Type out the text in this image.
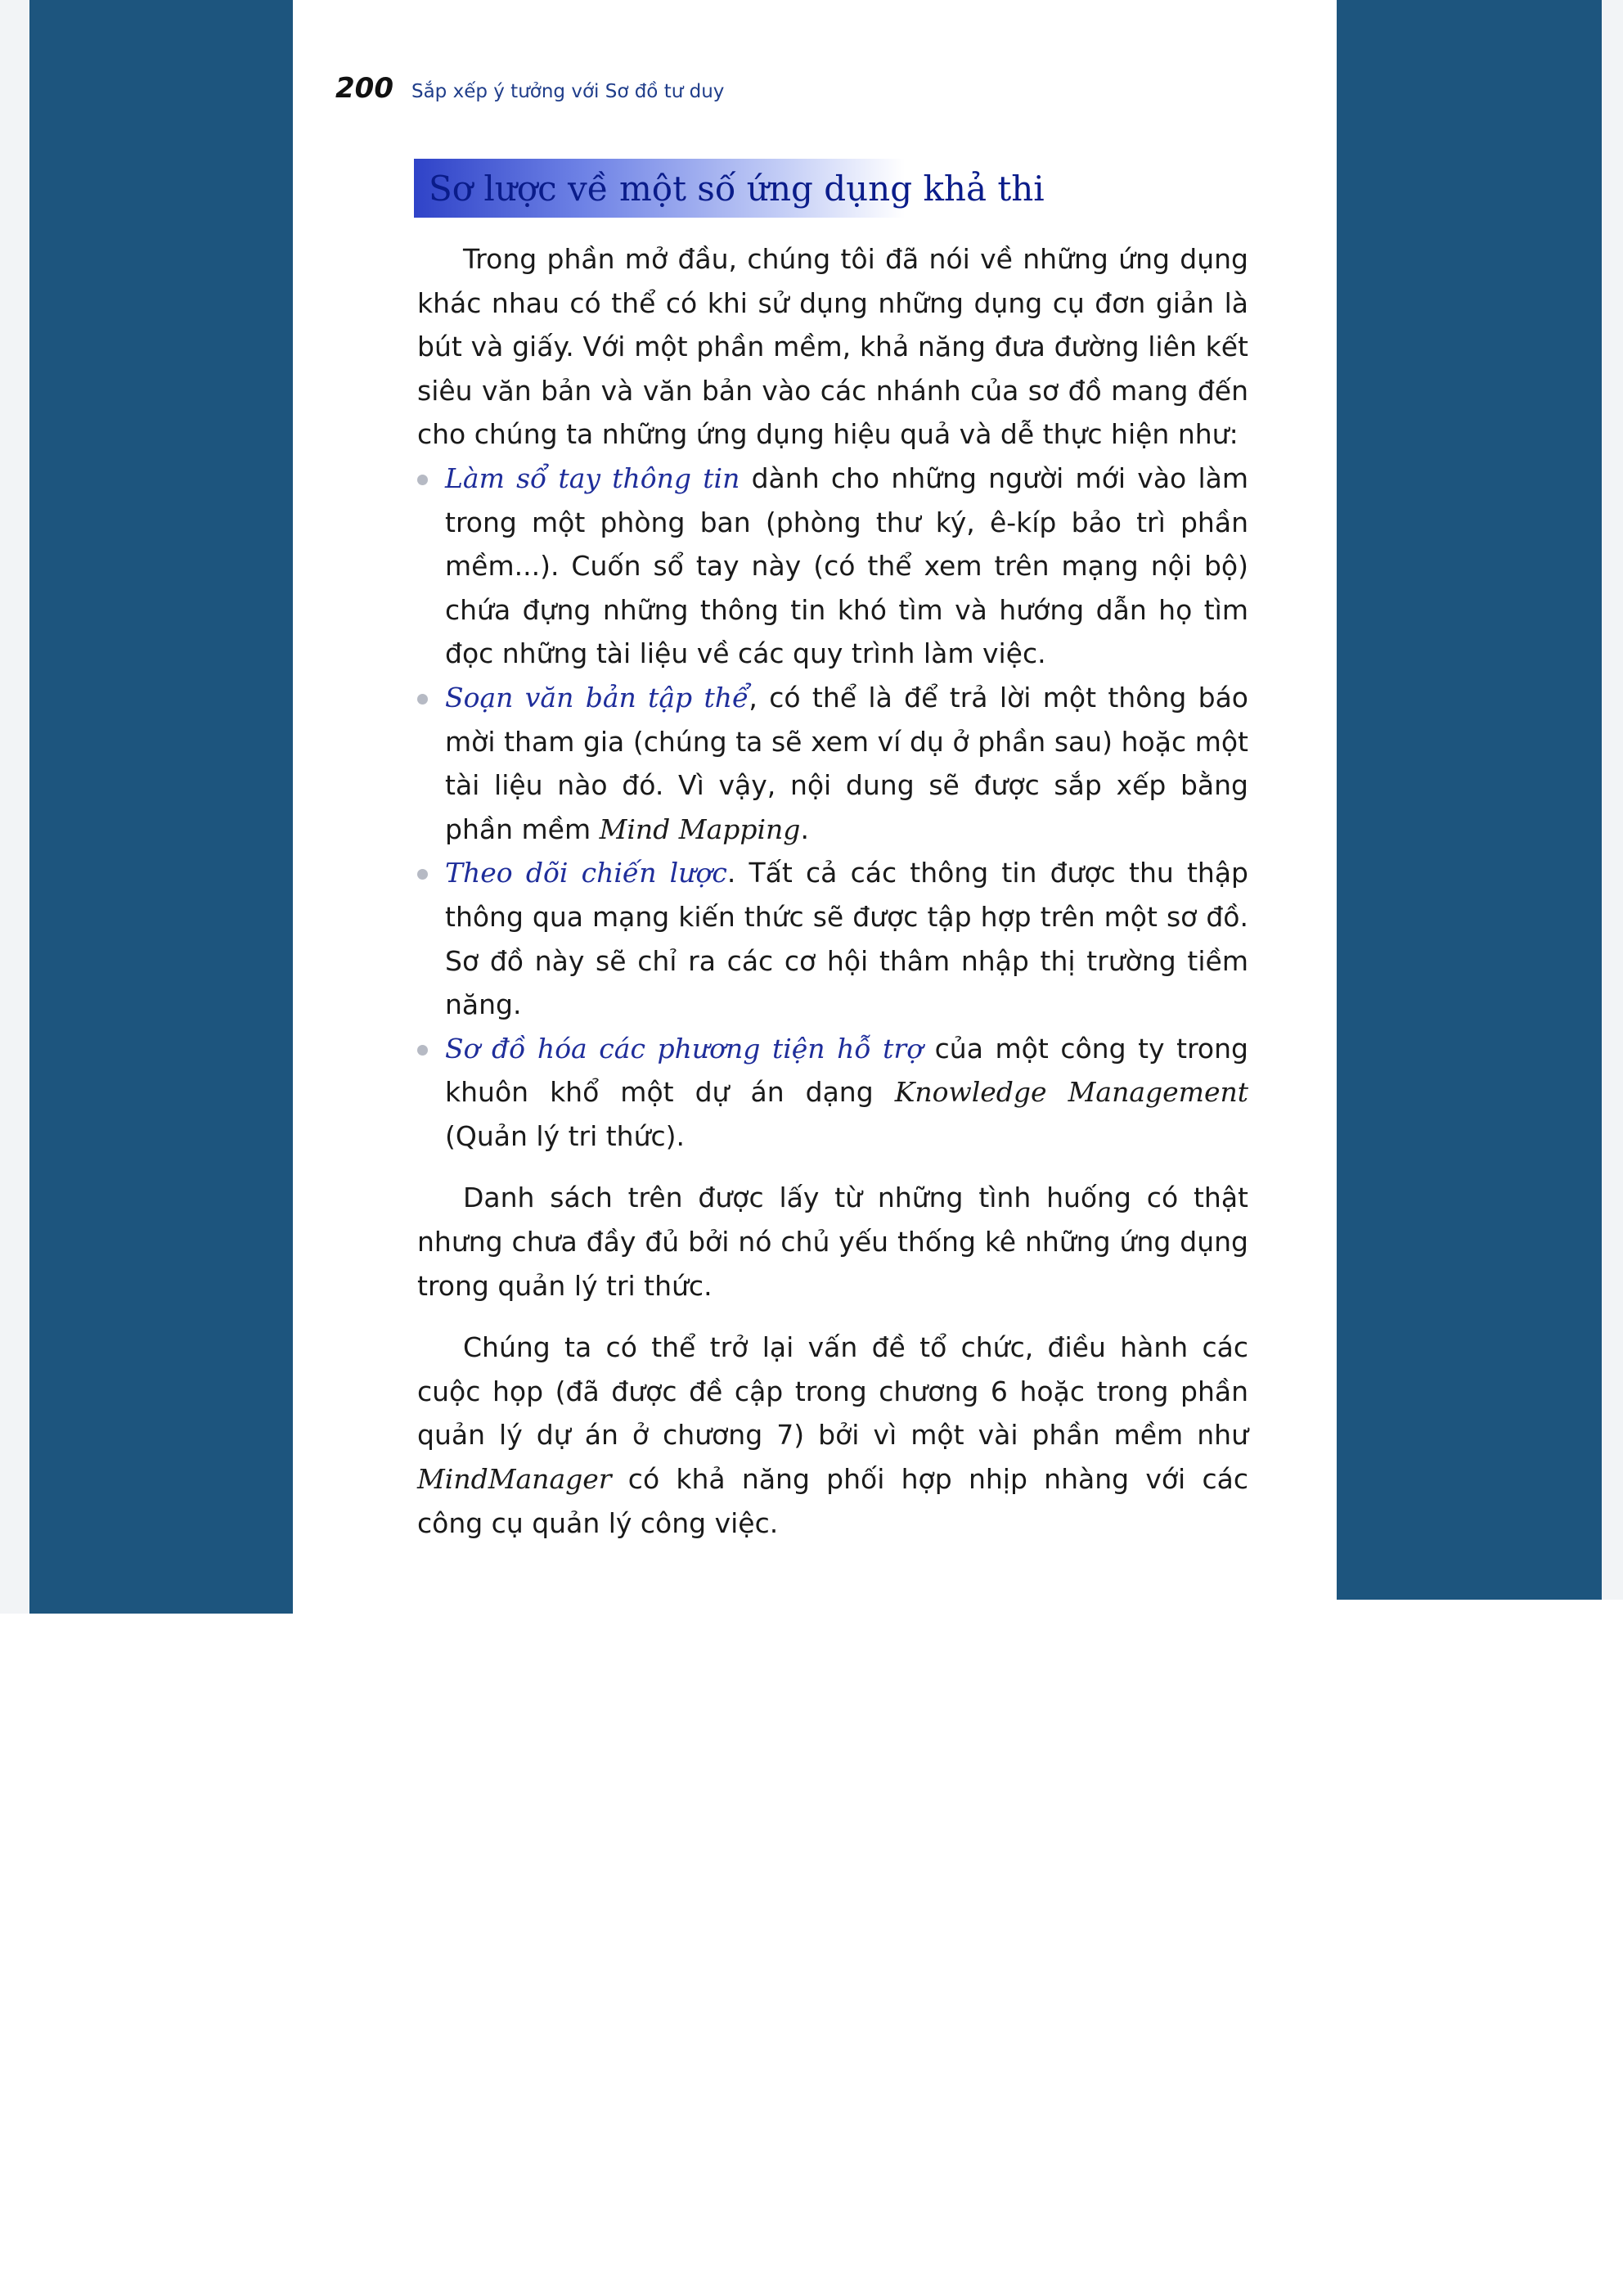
200 Sắp xếp ý tưởng với Sơ đồ tư duy
Sơ lược về một số ứng dụng khả thi

Trong phần mở đầu, chúng tôi đã nói về những ứng dụng khác nhau có thể có khi sử dụng những dụng cụ đơn giản là bút và giấy. Với một phần mềm, khả năng đưa đường liên kết siêu văn bản và văn bản vào các nhánh của sơ đồ mang đến cho chúng ta những ứng dụng hiệu quả và dễ thực hiện như:

Làm sổ tay thông tin dành cho những người mới vào làm trong một phòng ban (phòng thư ký, ê-kíp bảo trì phần mềm...). Cuốn sổ tay này (có thể xem trên mạng nội bộ) chứa đựng những thông tin khó tìm và hướng dẫn họ tìm đọc những tài liệu về các quy trình làm việc.
Soạn văn bản tập thể, có thể là để trả lời một thông báo mời tham gia (chúng ta sẽ xem ví dụ ở phần sau) hoặc một tài liệu nào đó. Vì vậy, nội dung sẽ được sắp xếp bằng phần mềm Mind Mapping.
Theo dõi chiến lược. Tất cả các thông tin được thu thập thông qua mạng kiến thức sẽ được tập hợp trên một sơ đồ. Sơ đồ này sẽ chỉ ra các cơ hội thâm nhập thị trường tiềm năng.
Sơ đồ hóa các phương tiện hỗ trợ của một công ty trong khuôn khổ một dự án dạng Knowledge Management (Quản lý tri thức).

Danh sách trên được lấy từ những tình huống có thật nhưng chưa đầy đủ bởi nó chủ yếu thống kê những ứng dụng trong quản lý tri thức.

Chúng ta có thể trở lại vấn đề tổ chức, điều hành các cuộc họp (đã được đề cập trong chương 6 hoặc trong phần quản lý dự án ở chương 7) bởi vì một vài phần mềm như MindManager có khả năng phối hợp nhịp nhàng với các công cụ quản lý công việc.
